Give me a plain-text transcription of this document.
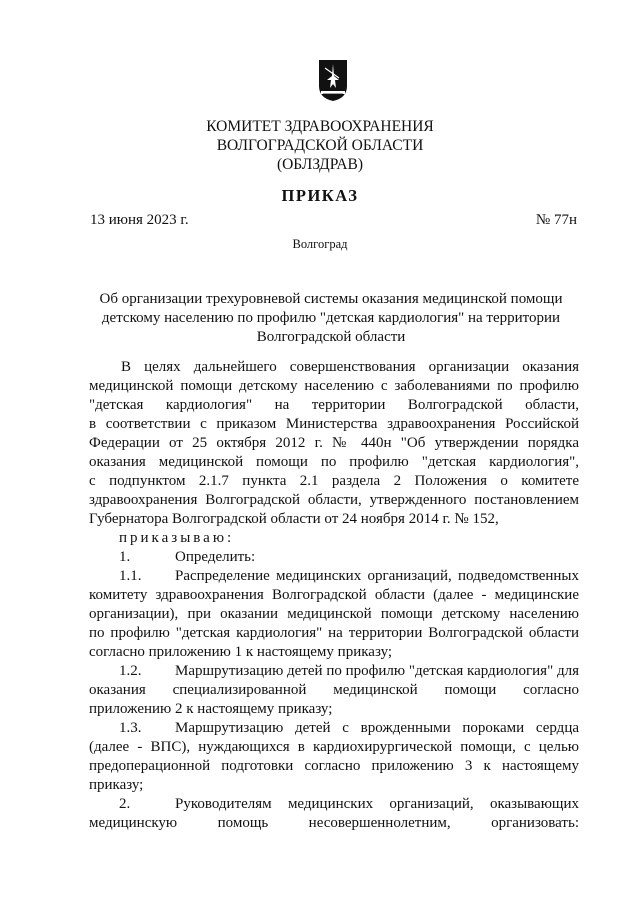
КОМИТЕТ ЗДРАВООХРАНЕНИЯ
ВОЛГОГРАДСКОЙ ОБЛАСТИ
(ОБЛЗДРАВ)
ПРИКАЗ
13 июня 2023 г.	№ 77н
Волгоград
Об организации трехуровневой системы оказания медицинской помощи
детскому населению по профилю "детская кардиология" на территории
Волгоградской области
В целях дальнейшего совершенствования организации оказания
медицинской помощи детскому населению с заболеваниями по профилю
"детская кардиология" на территории Волгоградской области,
в соответствии с приказом Министерства здравоохранения Российской
Федерации от 25 октября 2012 г. № 440н "Об утверждении порядка
оказания медицинской помощи по профилю "детская кардиология",
с подпунктом 2.1.7 пункта 2.1 раздела 2 Положения о комитете
здравоохранения Волгоградской области, утвержденного постановлением
Губернатора Волгоградской области от 24 ноября 2014 г. № 152,
приказываю:
1.	Определить:
1.1. Распределение медицинских организаций, подведомственных
комитету здравоохранения Волгоградской области (далее - медицинские
организации), при оказании медицинской помощи детскому населению
по профилю "детская кардиология" на территории Волгоградской области
согласно приложению 1 к настоящему приказу;
1.2. Маршрутизацию детей по профилю "детская кардиология" для
оказания специализированной медицинской помощи согласно
приложению 2 к настоящему приказу;
1.3. Маршрутизацию детей с врожденными пороками сердца
(далее - ВПС), нуждающихся в кардиохирургической помощи, с целью
предоперационной подготовки согласно приложению 3 к настоящему
приказу;
2.	Руководителям медицинских организаций, оказывающих
медицинскую помощь несовершеннолетним, организовать:
